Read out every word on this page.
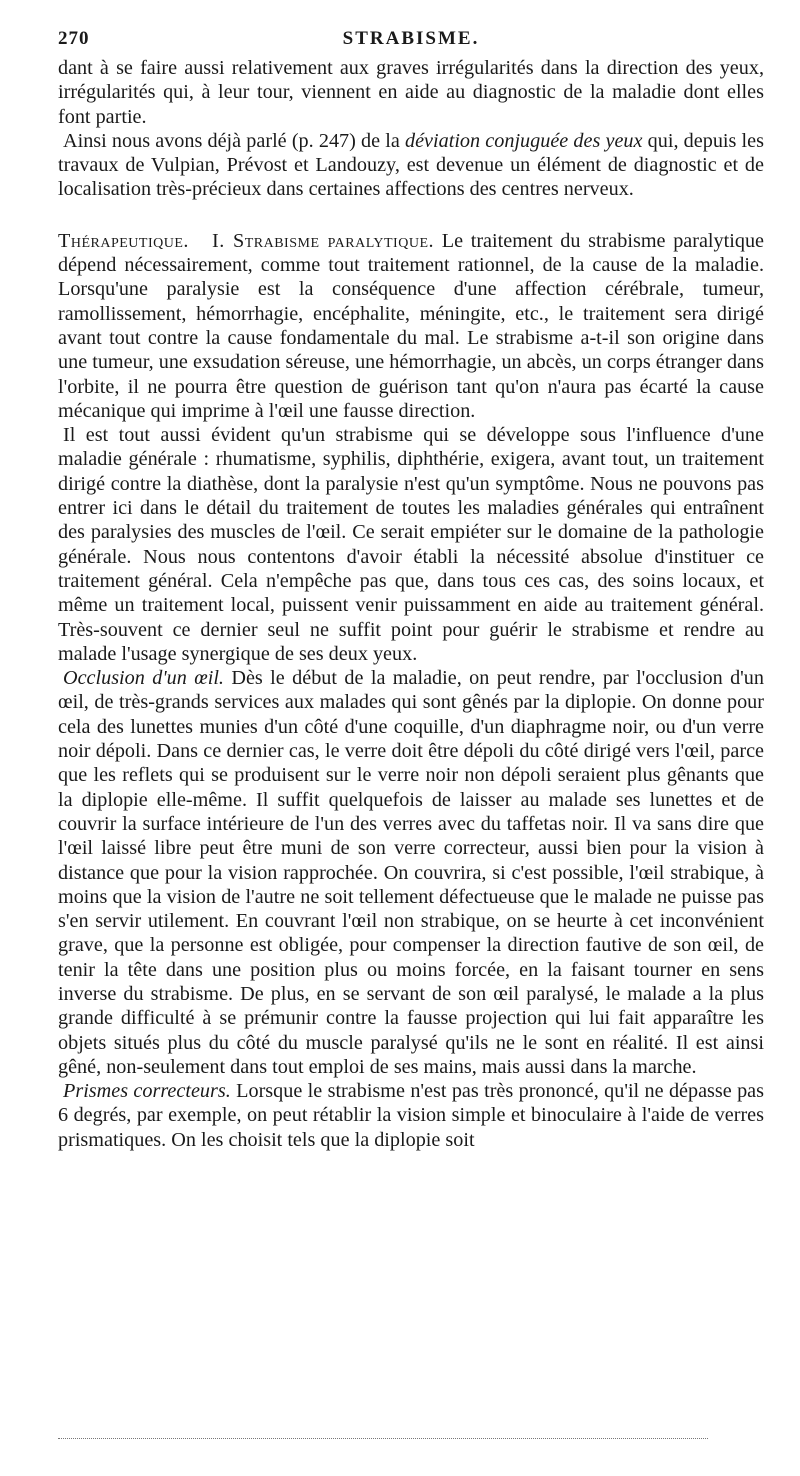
270	STRABISME.

dant à se faire aussi relativement aux graves irrégularités dans la direction des yeux, irrégularités qui, à leur tour, viennent en aide au diagnostic de la maladie dont elles font partie.

Ainsi nous avons déjà parlé (p. 247) de la déviation conjuguée des yeux qui, depuis les travaux de Vulpian, Prévost et Landouzy, est devenue un élément de diagnostic et de localisation très-précieux dans certaines affections des centres nerveux.

Thérapeutique. I. Strabisme paralytique. Le traitement du strabisme paralytique dépend nécessairement, comme tout traitement rationnel, de la cause de la maladie. Lorsqu'une paralysie est la conséquence d'une affection cérébrale, tumeur, ramollissement, hémorrhagie, encéphalite, méningite, etc., le traitement sera dirigé avant tout contre la cause fondamentale du mal. Le strabisme a-t-il son origine dans une tumeur, une exsudation séreuse, une hémorrhagie, un abcès, un corps étranger dans l'orbite, il ne pourra être question de guérison tant qu'on n'aura pas écarté la cause mécanique qui imprime à l'œil une fausse direction.

Il est tout aussi évident qu'un strabisme qui se développe sous l'influence d'une maladie générale : rhumatisme, syphilis, diphthérie, exigera, avant tout, un traitement dirigé contre la diathèse, dont la paralysie n'est qu'un symptôme. Nous ne pouvons pas entrer ici dans le détail du traitement de toutes les maladies générales qui entraînent des paralysies des muscles de l'œil. Ce serait empiéter sur le domaine de la pathologie générale. Nous nous contentons d'avoir établi la nécessité absolue d'instituer ce traitement général. Cela n'empêche pas que, dans tous ces cas, des soins locaux, et même un traitement local, puissent venir puissamment en aide au traitement général. Très-souvent ce dernier seul ne suffit point pour guérir le strabisme et rendre au malade l'usage synergique de ses deux yeux.

Occlusion d'un œil. Dès le début de la maladie, on peut rendre, par l'occlusion d'un œil, de très-grands services aux malades qui sont gênés par la diplopie. On donne pour cela des lunettes munies d'un côté d'une coquille, d'un diaphragme noir, ou d'un verre noir dépoli. Dans ce dernier cas, le verre doit être dépoli du côté dirigé vers l'œil, parce que les reflets qui se produisent sur le verre noir non dépoli seraient plus gênants que la diplopie elle-même. Il suffit quelquefois de laisser au malade ses lunettes et de couvrir la surface intérieure de l'un des verres avec du taffetas noir. Il va sans dire que l'œil laissé libre peut être muni de son verre correcteur, aussi bien pour la vision à distance que pour la vision rapprochée. On couvrira, si c'est possible, l'œil strabique, à moins que la vision de l'autre ne soit tellement défectueuse que le malade ne puisse pas s'en servir utilement. En couvrant l'œil non strabique, on se heurte à cet inconvénient grave, que la personne est obligée, pour compenser la direction fautive de son œil, de tenir la tête dans une position plus ou moins forcée, en la faisant tourner en sens inverse du strabisme. De plus, en se servant de son œil paralysé, le malade a la plus grande difficulté à se prémunir contre la fausse projection qui lui fait apparaître les objets situés plus du côté du muscle paralysé qu'ils ne le sont en réalité. Il est ainsi gêné, non-seulement dans tout emploi de ses mains, mais aussi dans la marche.

Prismes correcteurs. Lorsque le strabisme n'est pas très prononcé, qu'il ne dépasse pas 6 degrés, par exemple, on peut rétablir la vision simple et binoculaire à l'aide de verres prismatiques. On les choisit tels que la diplopie soit
